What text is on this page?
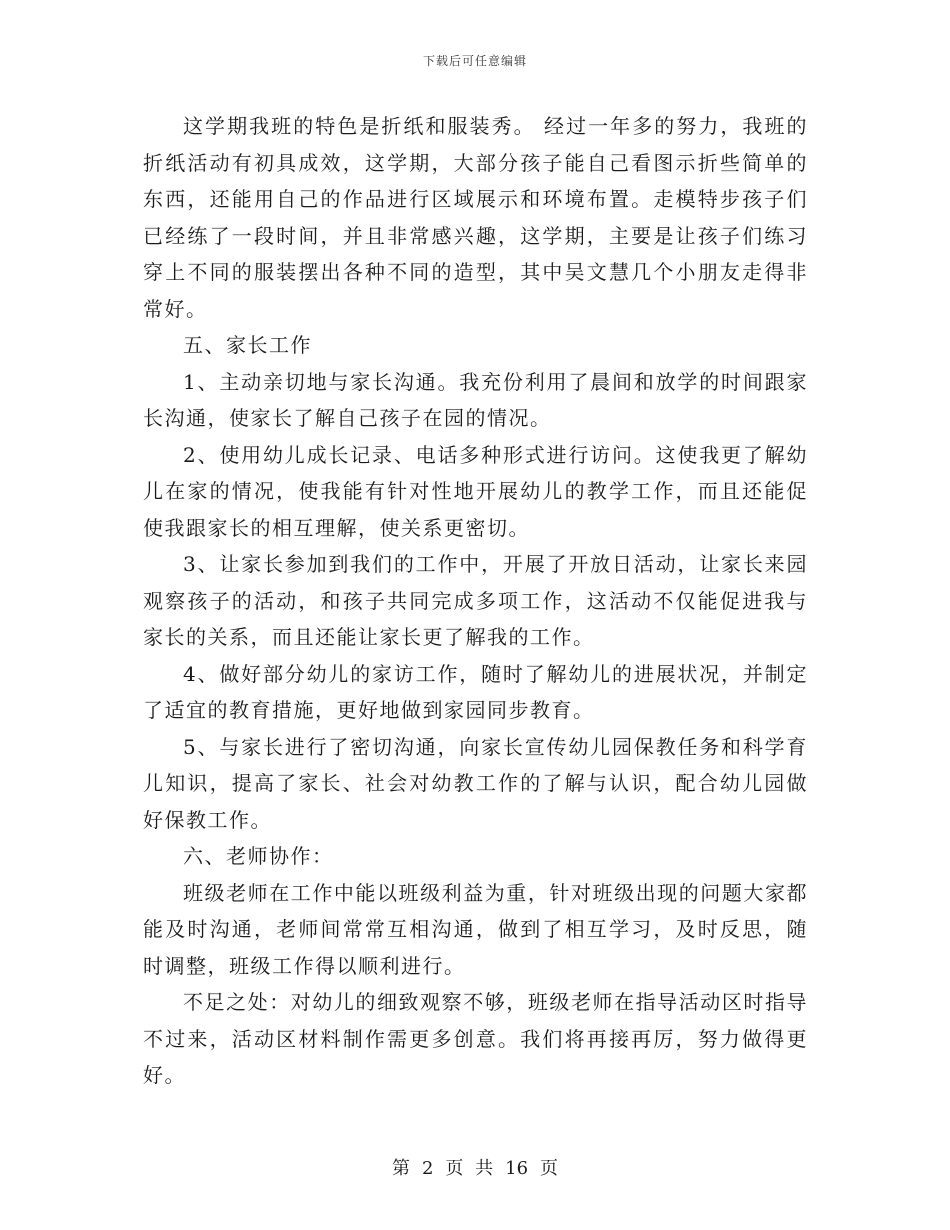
下载后可任意编辑

这学期我班的特色是折纸和服装秀。 经过一年多的努力，我班的折纸活动有初具成效，这学期，大部分孩子能自己看图示折些简单的东西，还能用自己的作品进行区域展示和环境布置。走模特步孩子们已经练了一段时间，并且非常感兴趣，这学期，主要是让孩子们练习穿上不同的服装摆出各种不同的造型，其中吴文慧几个小朋友走得非常好。

五、家长工作

1、主动亲切地与家长沟通。我充份利用了晨间和放学的时间跟家长沟通，使家长了解自己孩子在园的情况。

2、使用幼儿成长记录、电话多种形式进行访问。这使我更了解幼儿在家的情况，使我能有针对性地开展幼儿的教学工作，而且还能促使我跟家长的相互理解，使关系更密切。

3、让家长参加到我们的工作中，开展了开放日活动，让家长来园观察孩子的活动，和孩子共同完成多项工作，这活动不仅能促进我与家长的关系，而且还能让家长更了解我的工作。

4、做好部分幼儿的家访工作，随时了解幼儿的进展状况，并制定了适宜的教育措施，更好地做到家园同步教育。

5、与家长进行了密切沟通，向家长宣传幼儿园保教任务和科学育儿知识，提高了家长、社会对幼教工作的了解与认识，配合幼儿园做好保教工作。

六、老师协作：

班级老师在工作中能以班级利益为重，针对班级出现的问题大家都能及时沟通，老师间常常互相沟通，做到了相互学习，及时反思，随时调整，班级工作得以顺利进行。

不足之处：对幼儿的细致观察不够，班级老师在指导活动区时指导不过来，活动区材料制作需更多创意。我们将再接再厉，努力做得更好。

第 2 页 共 16 页
